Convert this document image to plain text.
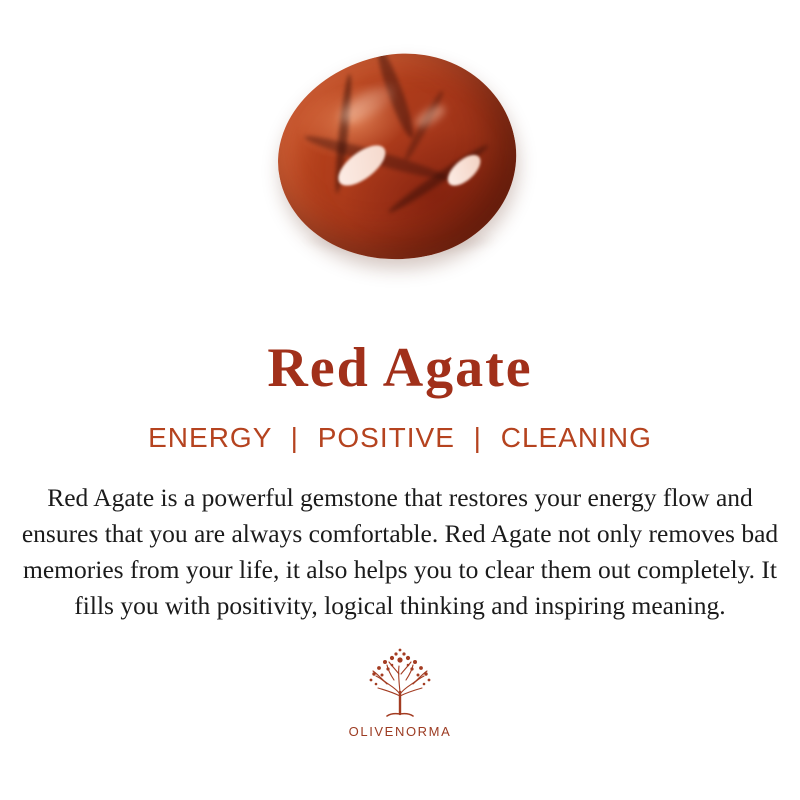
Red Agate
ENERGY | POSITIVE | CLEANING

Red Agate is a powerful gemstone that restores your energy flow and ensures that you are always comfortable. Red Agate not only removes bad memories from your life, it also helps you to clear them out completely. It fills you with positivity, logical thinking and inspiring meaning.

OLIVENORMA
